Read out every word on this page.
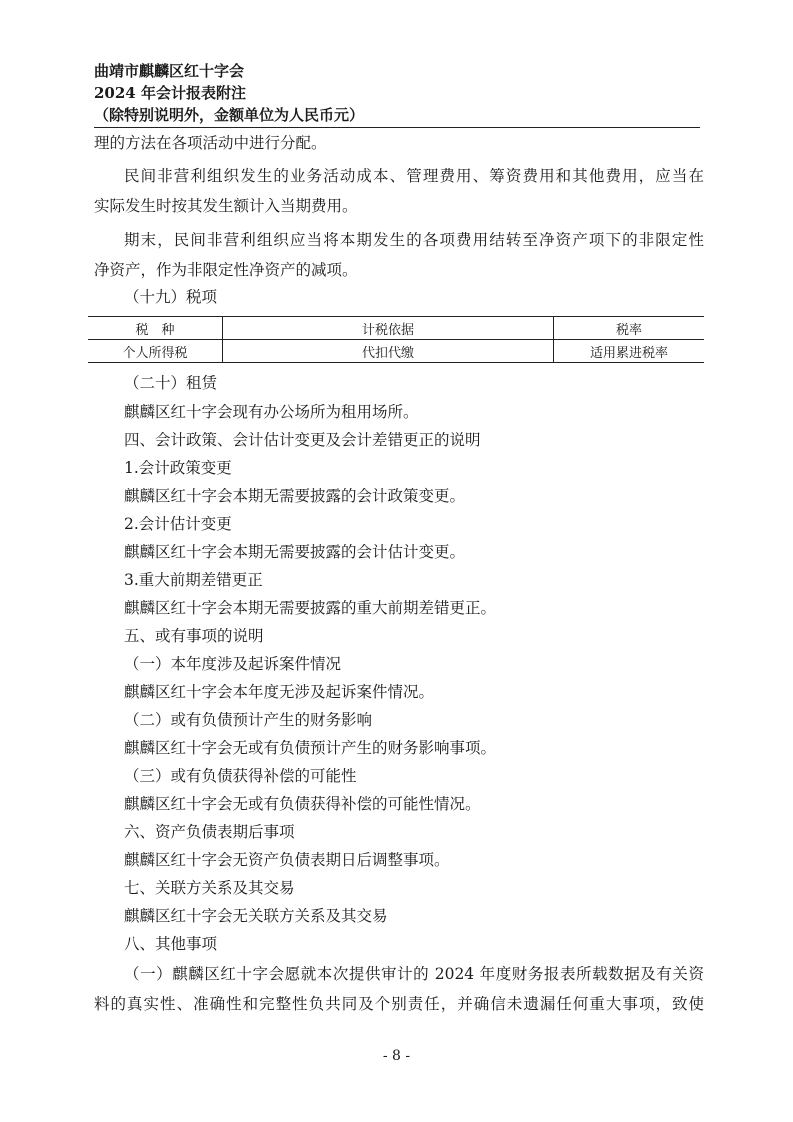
曲靖市麒麟区红十字会

2024 年会计报表附注

（除特别说明外，金额单位为人民币元）

理的方法在各项活动中进行分配。

民间非营利组织发生的业务活动成本、管理费用、筹资费用和其他费用，应当在

实际发生时按其发生额计入当期费用。

期末，民间非营利组织应当将本期发生的各项费用结转至净资产项下的非限定性

净资产，作为非限定性净资产的减项。

（十九）税项

税　种	计税依据	税率
个人所得税	代扣代缴	适用累进税率

（二十）租赁

麒麟区红十字会现有办公场所为租用场所。

四、会计政策、会计估计变更及会计差错更正的说明

1.会计政策变更

麒麟区红十字会本期无需要披露的会计政策变更。

2.会计估计变更

麒麟区红十字会本期无需要披露的会计估计变更。

3.重大前期差错更正

麒麟区红十字会本期无需要披露的重大前期差错更正。

五、或有事项的说明

（一）本年度涉及起诉案件情况

麒麟区红十字会本年度无涉及起诉案件情况。

（二）或有负债预计产生的财务影响

麒麟区红十字会无或有负债预计产生的财务影响事项。

（三）或有负债获得补偿的可能性

麒麟区红十字会无或有负债获得补偿的可能性情况。

六、资产负债表期后事项

麒麟区红十字会无资产负债表期日后调整事项。

七、关联方关系及其交易

麒麟区红十字会无关联方关系及其交易

八、其他事项

（一）麒麟区红十字会愿就本次提供审计的 2024 年度财务报表所载数据及有关资

料的真实性、准确性和完整性负共同及个别责任，并确信未遗漏任何重大事项，致使

- 8 -
